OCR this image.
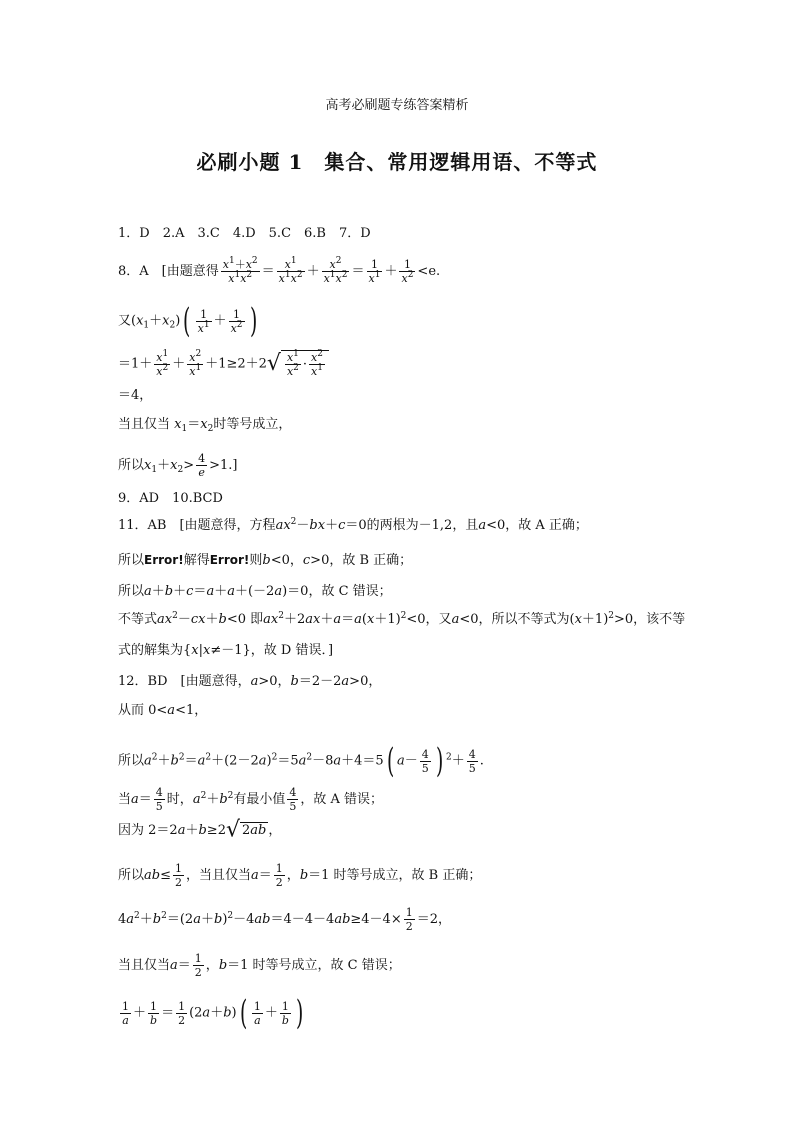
高考必刷题专练答案精析
必刷小题 1　集合、常用逻辑用语、不等式
1．D　2.A　3.C　4.D　5.C　6.B　7．D
8．A　[由题意得 $\frac{x^1+x^2}{x^1x^2} = \frac{x^1}{x^1x^2} + \frac{x^2}{x^1x^2} = \frac{1}{x^1} + \frac{1}{x^2} <e$.
又$(x_1+x_2)( \frac{1}{x^1} + \frac{1}{x^2}$ )
$=1+ \frac{x^1}{x^2} + \frac{x^2}{x^1} +1\ge 2+2√ \frac{x^1}{x^2} \cdot \frac{x^2}{x^1}$
＝4，
当且仅当 $x_1=x_2$时等号成立，
所以$x_1+x_2> \frac{4}{e} >1$.]
9．AD　10.BCD
11．AB　[由题意得，方程$ax^2-bx+c=0$的两根为－1,2，且a<0，故 A 正确；
所以Error!解得Error!则b<0，c>0，故 B 正确；
所以a＋b＋c＝a＋a＋(－2a)＝0，故 C 错误；
不等式$ax^2-cx+b<0$ 即$ax^2+2ax+a=a(x+1)^2<0$，又a<0，所以不等式为$(x+1)^2>0$，该不等
式的解集为{x|x≠－1}，故 D 错误．]
12．BD　[由题意得，a>0，b＝2－2a>0，
从而 0<a<1，
所以$a^2+b^2=a^2+(2-2a)^2=5a^2-8a+4=5$( $a- \frac{4}{5}$ ) $^2+ \frac{4}{5}$ .
当$a= \frac{4}{5}$ 时，$a^2+b^2$有最小值 $\frac{4}{5}$ ，故 A 错误；
因为 2＝2a＋b≥2√ 2ab ，
所以$ab\le \frac{1}{2}$ ，当且仅当$a= \frac{1}{2}$ ，b＝1 时等号成立，故 B 正确；
$4a^2+b^2=(2a+b)^2-4ab=4-4-4ab\ge 4-4\times \frac{1}{2} =2$，
当且仅当$a= \frac{1}{2}$ ，b＝1 时等号成立，故 C 错误；
$\frac{1}{a} + \frac{1}{b} = \frac{1}{2} (2a+b)( \frac{1}{a} + \frac{1}{b}$ )
